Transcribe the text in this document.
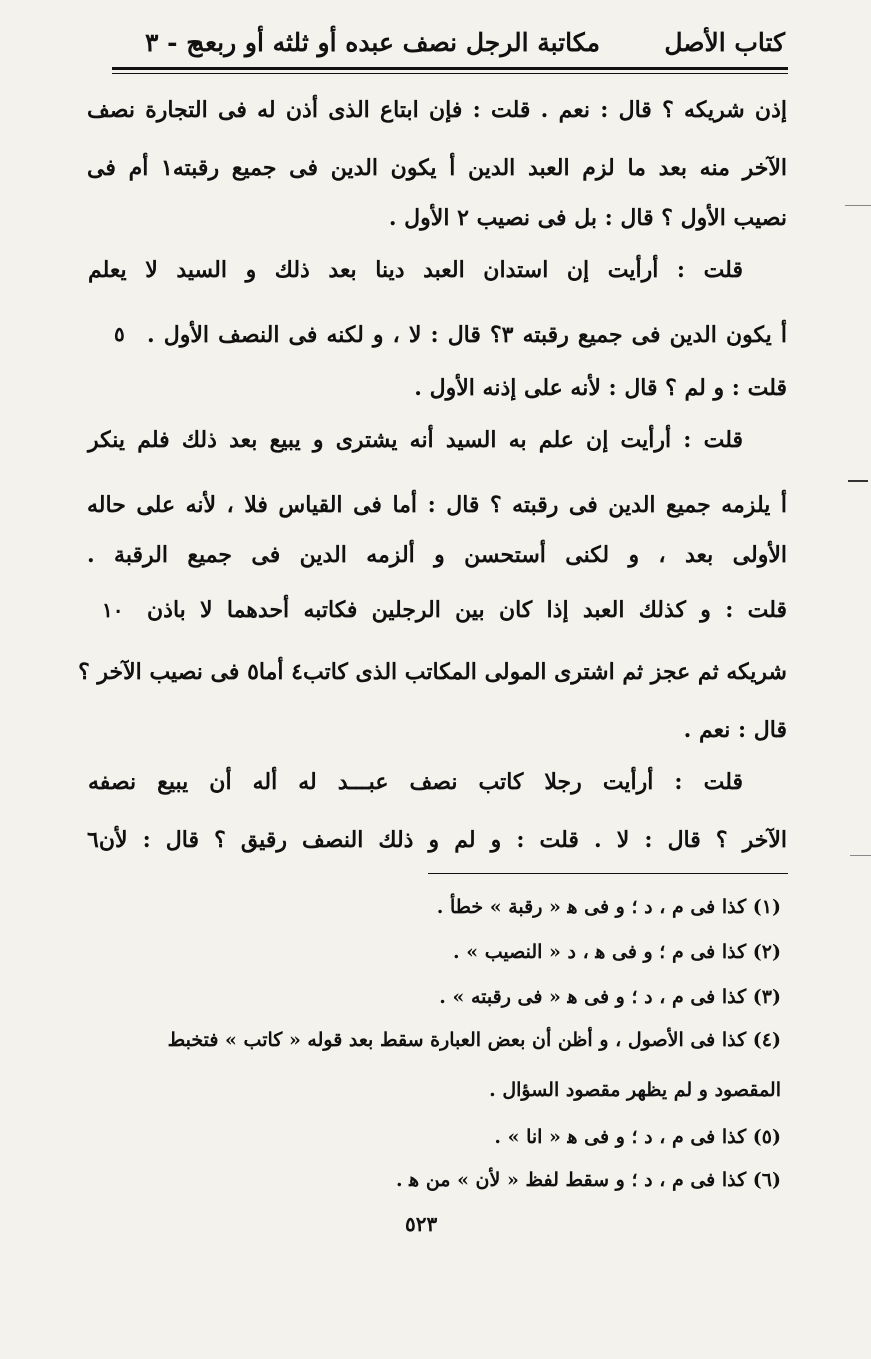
كتاب الأصل
مكاتبة الرجل نصف عبده أو ثلثه أو ربعه
ج - ٣
إذن شريكه ؟ قال : نعم . قلت : فإن ابتاع الذى أذن له فى التجارة نصف
الآخر منه بعد ما لزم العبد الدين أ يكون الدين فى جميع رقبته١ أم فى
نصيب الأول ؟ قال : بل فى نصيب ٢ الأول .
قلت : أرأيت إن استدان العبد دينا بعد ذلك و السيد لا يعلم
أ يكون الدين فى جميع رقبته ٣؟ قال : لا ، و لكنه فى النصف الأول .
قلت : و لم ؟ قال : لأنه على إذنه الأول .
قلت : أرأيت إن علم به السيد أنه يشترى و يبيع بعد ذلك فلم ينكر
أ يلزمه جميع الدين فى رقبته ؟ قال : أما فى القياس فلا ، لأنه على حاله
الأولى بعد ، و لكنى أستحسن و ألزمه الدين فى جميع الرقبة .
قلت : و كذلك العبد إذا كان بين الرجلين فكاتبه أحدهما لا باذن
شريكه ثم عجز ثم اشترى المولى المكاتب الذى كاتب٤ أما٥ فى نصيب الآخر ؟
قال : نعم .
قلت : أرأيت رجلا كاتب نصف عبـــد له أله أن يبيع نصفه
الآخر ؟ قال : لا . قلت : و لم و ذلك النصف رقيق ؟ قال : لأن٦
٥
١٠
(١) كذا فى م ، د ؛ و فى ﻫ « رقبة » خطأ .
(٢) كذا فى م ؛ و فى ﻫ ، د « النصيب » .
(٣) كذا فى م ، د ؛ و فى ﻫ « فى رقبته » .
(٤) كذا فى الأصول ، و أظن أن بعض العبارة سقط بعد قوله « كاتب » فتخبط
المقصود و لم يظهر مقصود السؤال .
(٥) كذا فى م ، د ؛ و فى ﻫ « انا » .
(٦) كذا فى م ، د ؛ و سقط لفظ « لأن » من ﻫ .
٥٢٣
